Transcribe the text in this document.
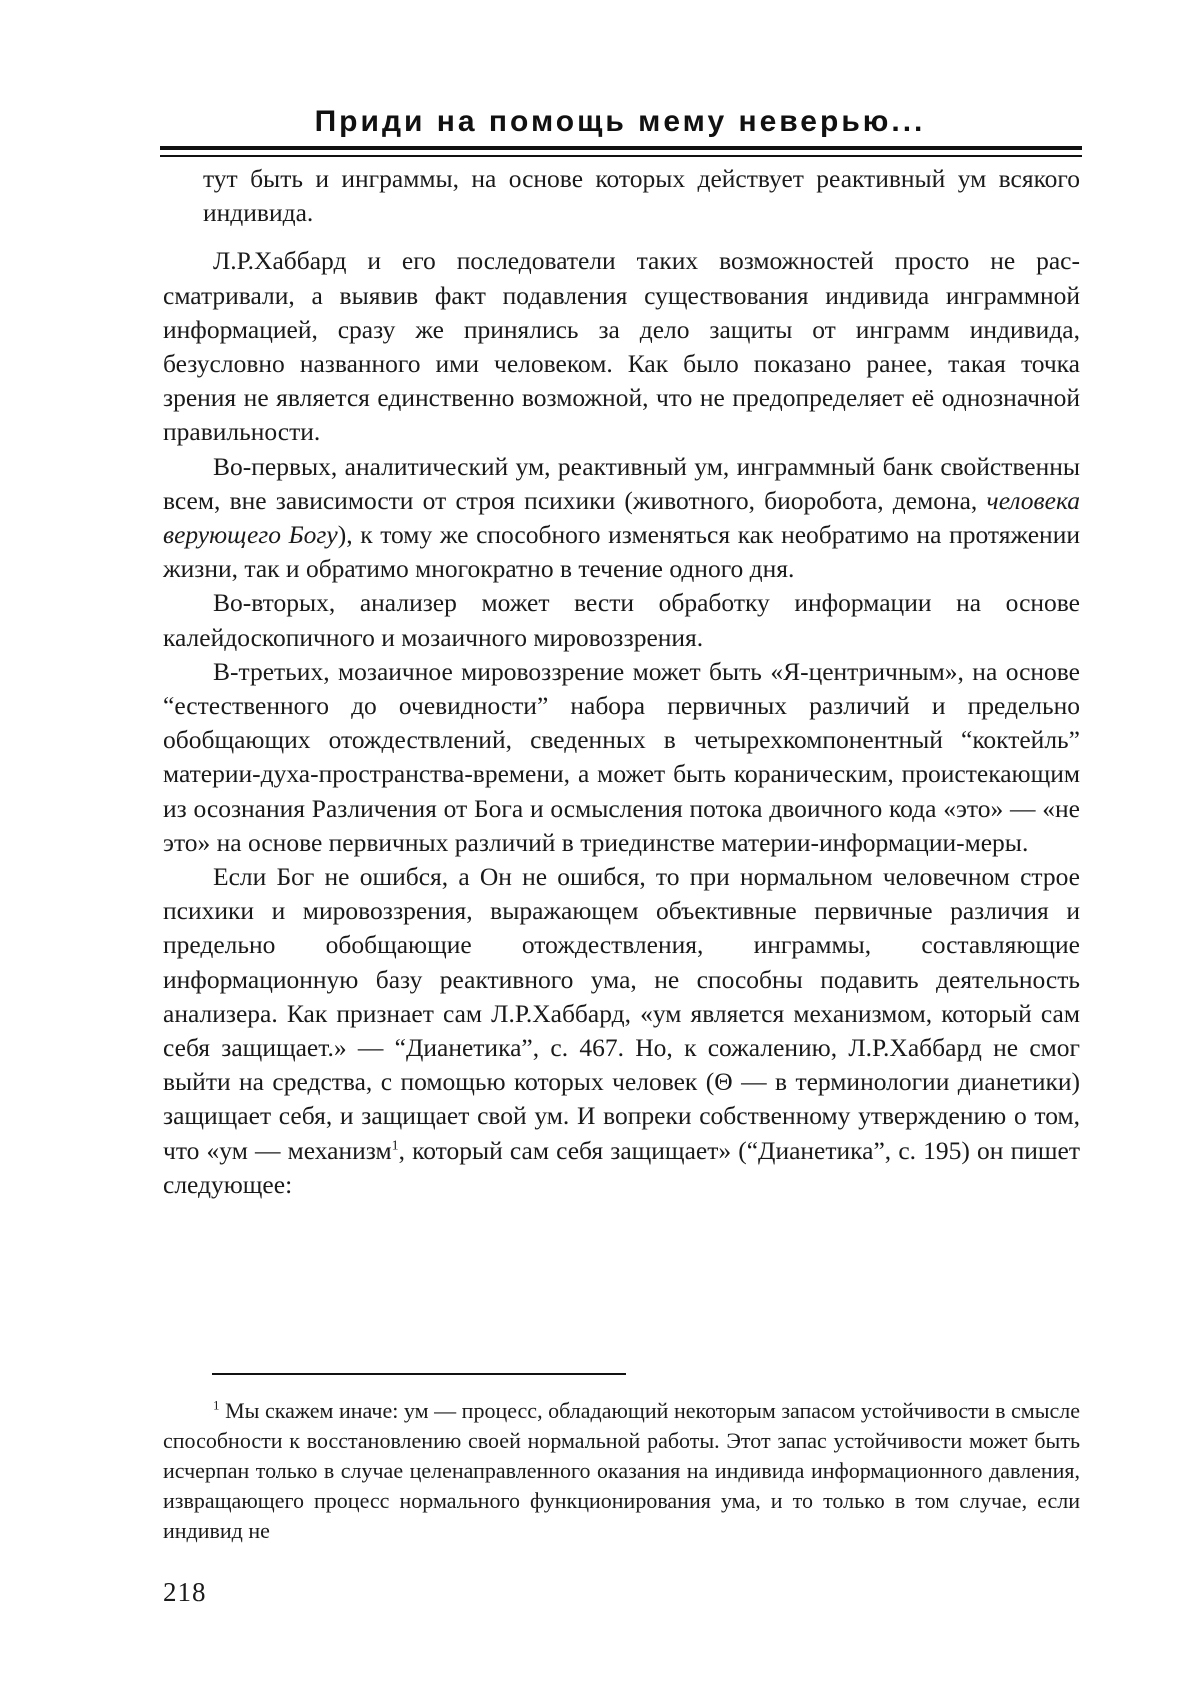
Приди на помощь мему неверью...

тут быть и инграммы, на основе которых действует реактивный ум всякого индивида.

Л.Р.Хаббард и его последователи таких возможностей просто не рассматривали, а выявив факт подавления существования индивида инграммной информацией, сразу же принялись за дело защиты от инграмм индивида, безусловно названного ими человеком. Как было показано ранее, такая точка зрения не является единственно возможной, что не предопределяет её однозначной правильности.

Во-первых, аналитический ум, реактивный ум, инграммный банк свойственны всем, вне зависимости от строя психики (животного, биоробота, демона, человека верующего Богу), к тому же способного изменяться как необратимо на протяжении жизни, так и обратимо многократно в течение одного дня.

Во-вторых, анализер может вести обработку информации на основе калейдоскопичного и мозаичного мировоззрения.

В-третьих, мозаичное мировоззрение может быть «Я-центричным», на основе “естественного до очевидности” набора первичных различий и предельно обобщающих отождествлений, сведенных в четырехкомпонентный “коктейль” материи-духа-пространства-времени, а может быть кораническим, проистекающим из осознания Различения от Бога и осмысления потока двоичного кода «это» — «не это» на основе первичных различий в триединстве материи-информации-меры.

Если Бог не ошибся, а Он не ошибся, то при нормальном человечном строе психики и мировоззрения, выражающем объективные первичные различия и предельно обобщающие отождествления, инграммы, составляющие информационную базу реактивного ума, не способны подавить деятельность анализера. Как признает сам Л.Р.Хаббард, «ум является механизмом, который сам себя защищает.» — “Дианетика”, с. 467. Но, к сожалению, Л.Р.Хаббард не смог выйти на средства, с помощью которых человек (Θ — в терминологии дианетики) защищает себя, и защищает свой ум. И вопреки собственному утверждению о том, что «ум — механизм$^1$, который сам себя защищает» (“Дианетика”, с. 195) он пишет следующее:

$^1$ Мы скажем иначе: ум — процесс, обладающий некоторым запасом устойчивости в смысле способности к восстановлению своей нормальной работы. Этот запас устойчивости может быть исчерпан только в случае целенаправленного оказания на индивида информационного давления, извращающего процесс нормального функционирования ума, и то только в том случае, если индивид не
218
